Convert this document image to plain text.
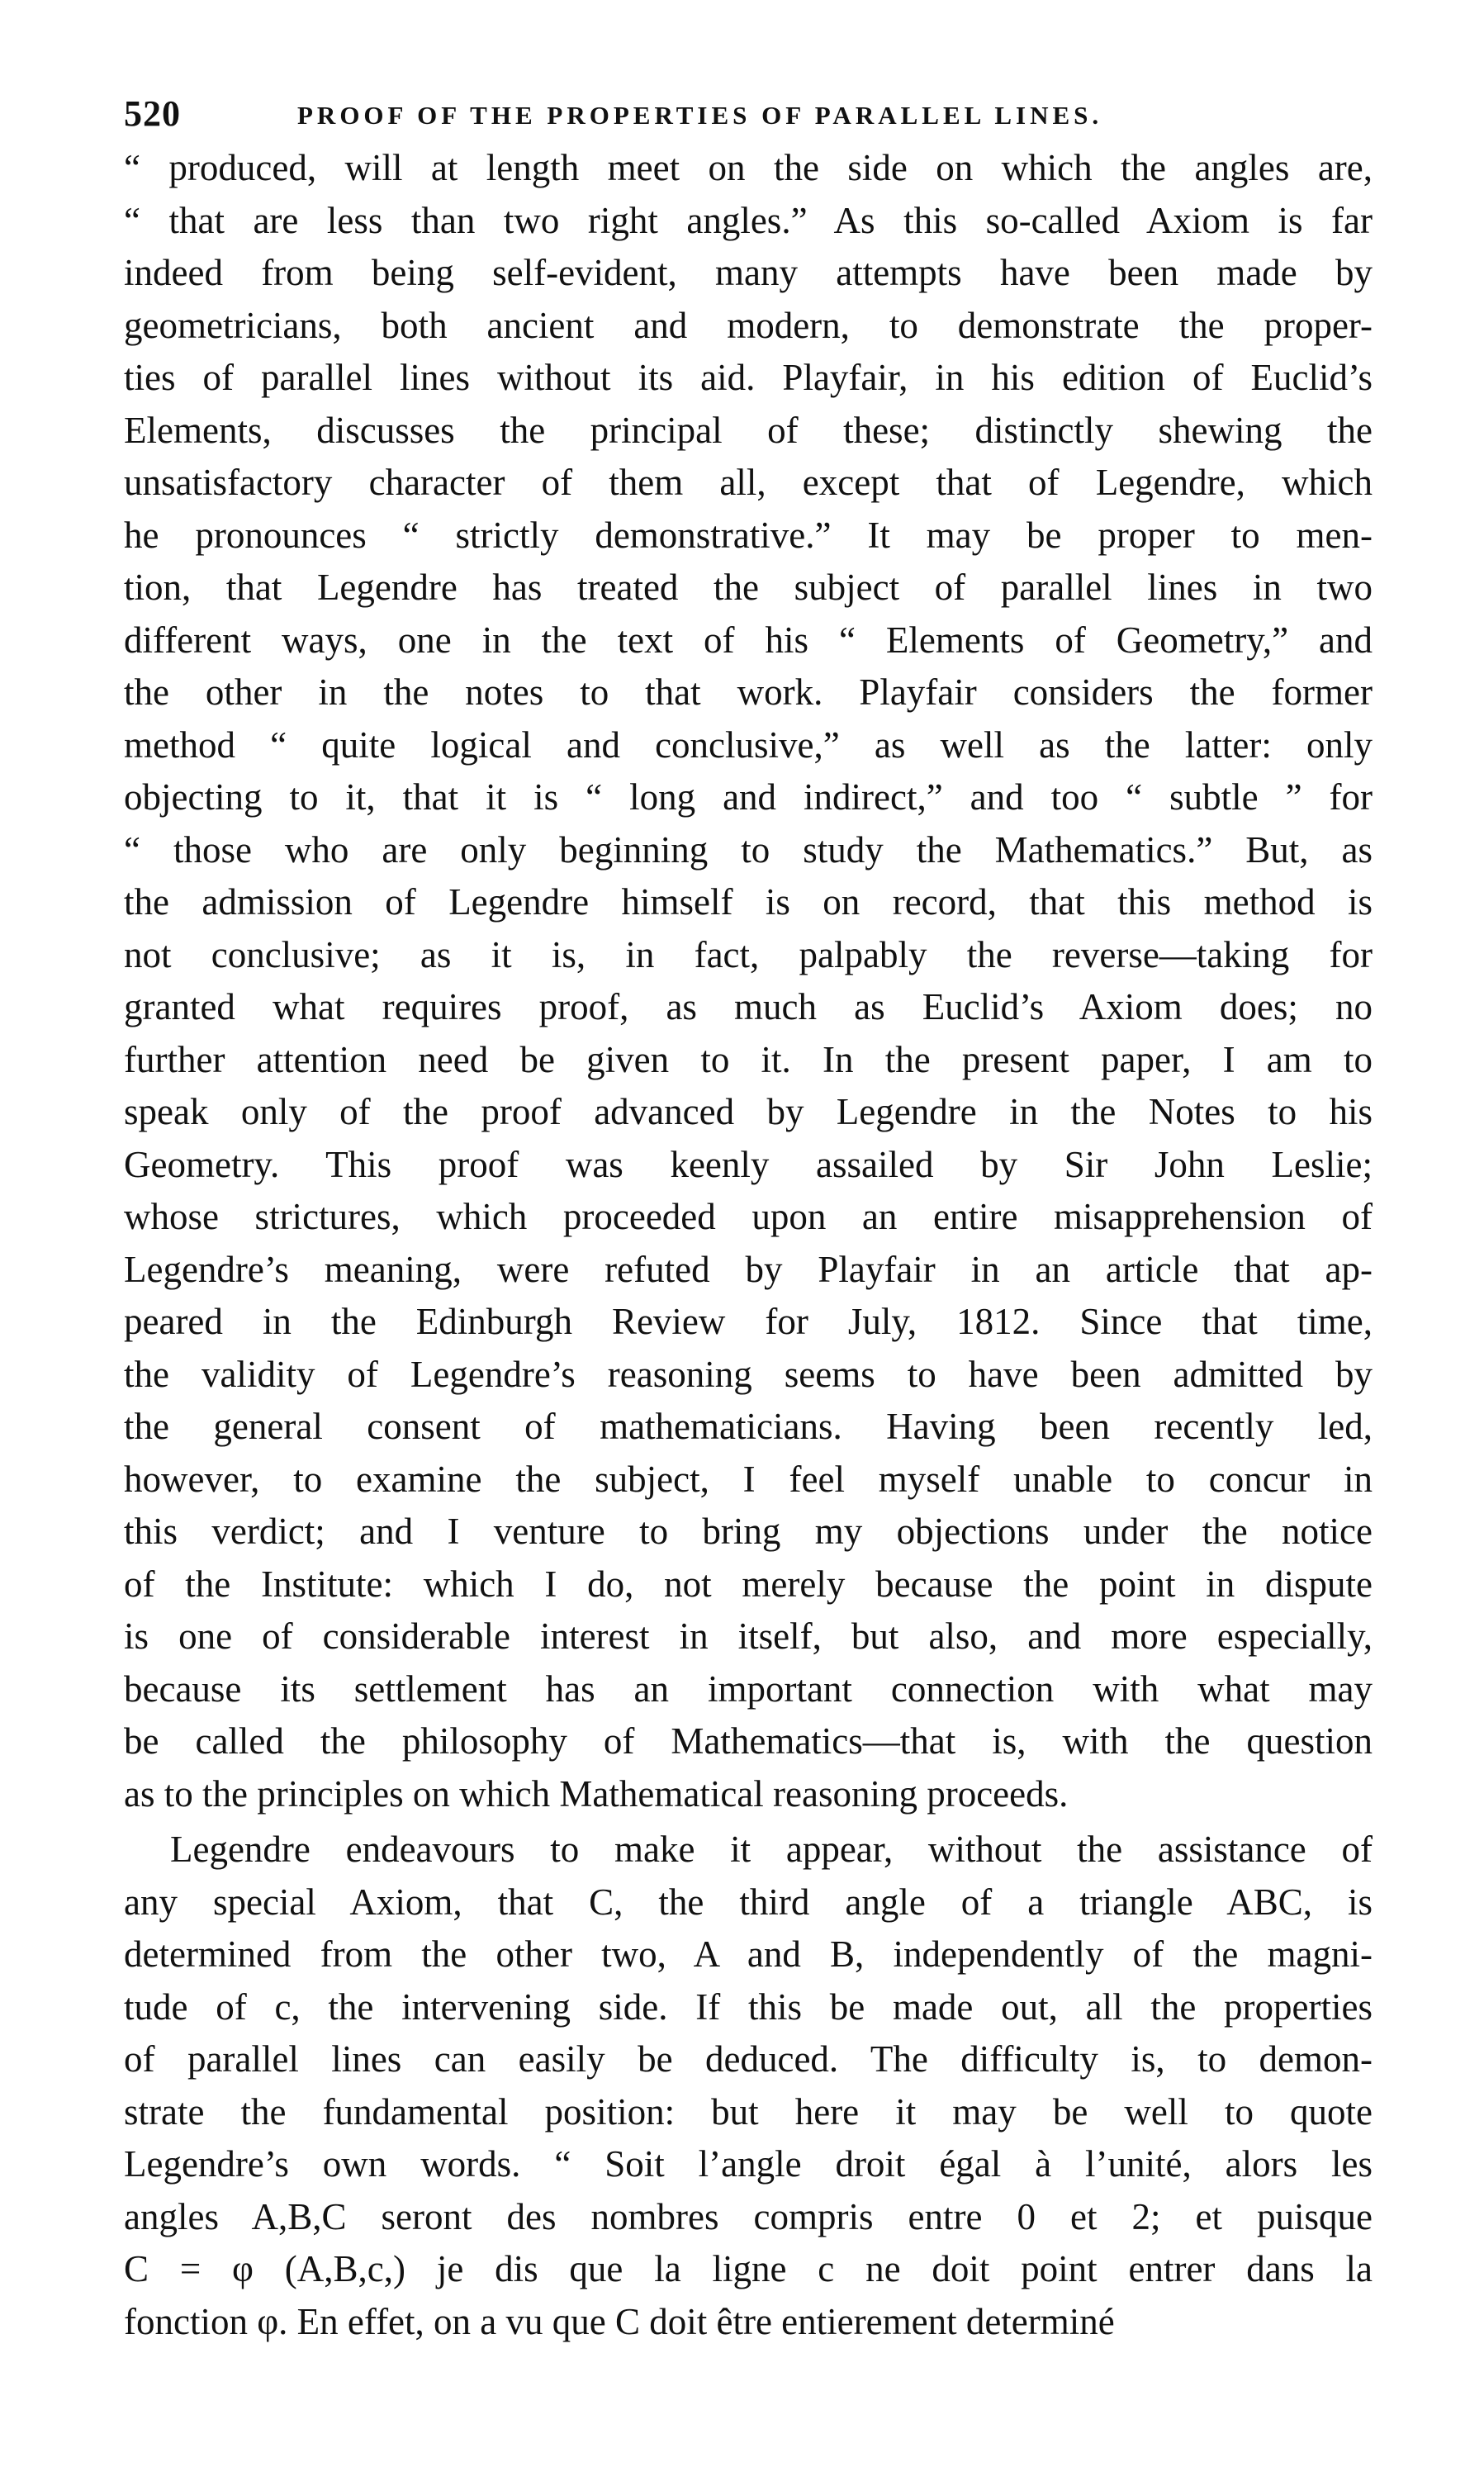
520	PROOF OF THE PROPERTIES OF PARALLEL LINES.
“ produced, will at length meet on the side on which the angles are,
“ that are less than two right angles.” As this so-called Axiom is far
indeed from being self-evident, many attempts have been made by
geometricians, both ancient and modern, to demonstrate the proper-
ties of parallel lines without its aid. Playfair, in his edition of Euclid’s
Elements, discusses the principal of these; distinctly shewing the
unsatisfactory character of them all, except that of Legendre, which
he pronounces “ strictly demonstrative.” It may be proper to men-
tion, that Legendre has treated the subject of parallel lines in two
different ways, one in the text of his “ Elements of Geometry,” and
the other in the notes to that work. Playfair considers the former
method “ quite logical and conclusive,” as well as the latter: only
objecting to it, that it is “ long and indirect,” and too “ subtle ” for
“ those who are only beginning to study the Mathematics.” But, as
the admission of Legendre himself is on record, that this method is
not conclusive; as it is, in fact, palpably the reverse—taking for
granted what requires proof, as much as Euclid’s Axiom does; no
further attention need be given to it. In the present paper, I am to
speak only of the proof advanced by Legendre in the Notes to his
Geometry. This proof was keenly assailed by Sir John Leslie;
whose strictures, which proceeded upon an entire misapprehension of
Legendre’s meaning, were refuted by Playfair in an article that ap-
peared in the Edinburgh Review for July, 1812. Since that time,
the validity of Legendre’s reasoning seems to have been admitted by
the general consent of mathematicians. Having been recently led,
however, to examine the subject, I feel myself unable to concur in
this verdict; and I venture to bring my objections under the notice
of the Institute: which I do, not merely because the point in dispute
is one of considerable interest in itself, but also, and more especially,
because its settlement has an important connection with what may
be called the philosophy of Mathematics—that is, with the question
as to the principles on which Mathematical reasoning proceeds.
Legendre endeavours to make it appear, without the assistance of
any special Axiom, that C, the third angle of a triangle ABC, is
determined from the other two, A and B, independently of the magni-
tude of c, the intervening side. If this be made out, all the properties
of parallel lines can easily be deduced. The difficulty is, to demon-
strate the fundamental position: but here it may be well to quote
Legendre’s own words. “ Soit l’angle droit égal à l’unité, alors les
angles A,B,C seront des nombres compris entre 0 et 2; et puisque
C = φ (A,B,c,) je dis que la ligne c ne doit point entrer dans la
fonction φ. En effet, on a vu que C doit être entierement determiné
